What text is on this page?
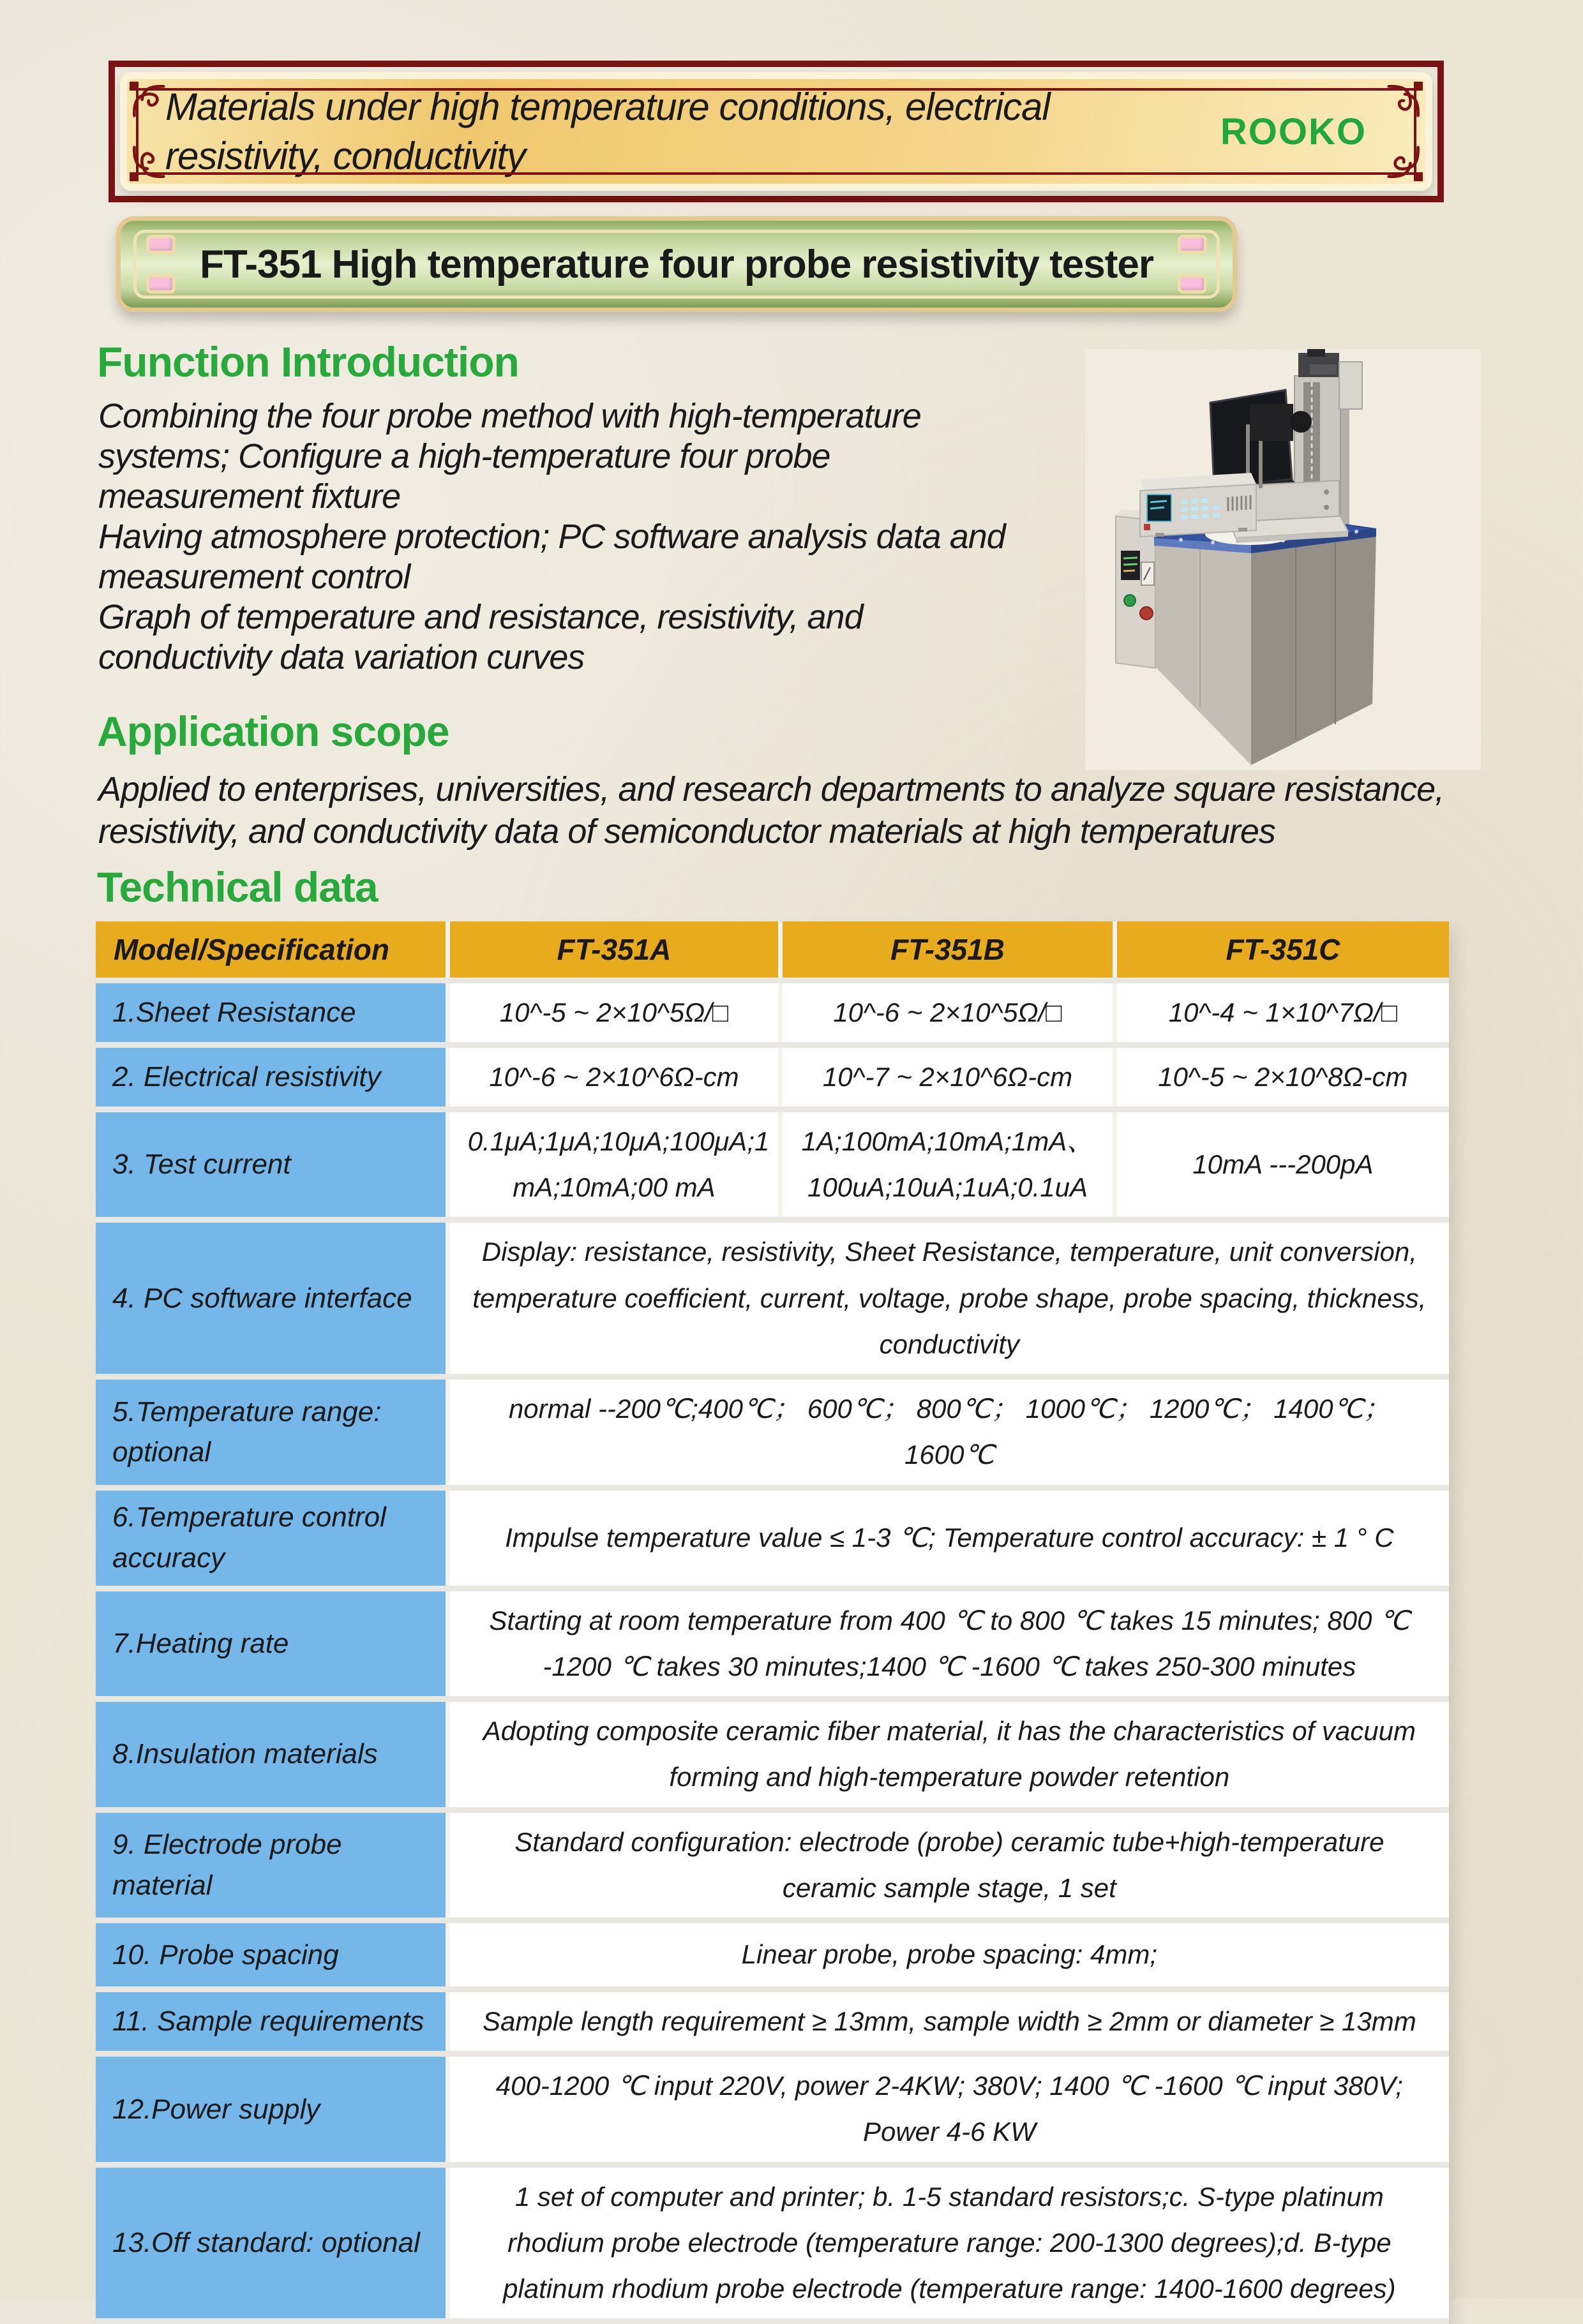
Materials under high temperature conditions, electrical
resistivity, conductivity
ROOKO
FT-351 High temperature four probe resistivity tester
Function Introduction
Combining the four probe method with high-temperature
systems; Configure a high-temperature four probe
measurement fixture
Having atmosphere protection; PC software analysis data and
measurement control
Graph of temperature and resistance, resistivity, and
conductivity data variation curves
Application scope
Applied to enterprises, universities, and research departments to analyze square resistance,
resistivity, and conductivity data of semiconductor materials at high temperatures
Technical data
Model/Specification	FT-351A	FT-351B	FT-351C
1.Sheet Resistance	10^-5 ~ 2×10^5Ω/□	10^-6 ~ 2×10^5Ω/□	10^-4 ~ 1×10^7Ω/□
2. Electrical resistivity	10^-6 ~ 2×10^6Ω-cm	10^-7 ~ 2×10^6Ω-cm	10^-5 ~ 2×10^8Ω-cm
3. Test current	0.1μA;1μA;10μA;100μA;1 mA;10mA;00 mA	1A;100mA;10mA;1mA、 100uA;10uA;1uA;0.1uA	10mA ---200pA
4. PC software interface	Display: resistance, resistivity, Sheet Resistance, temperature, unit conversion, temperature coefficient, current, voltage, probe shape, probe spacing, thickness, conductivity		
5.Temperature range: optional	normal --200℃;400℃； 600℃； 800℃； 1000℃； 1200℃； 1400℃； 1600℃		
6.Temperature control accuracy	Impulse temperature value ≤ 1-3 ℃; Temperature control accuracy: ± 1 ° C		
7.Heating rate	Starting at room temperature from 400 ℃ to 800 ℃ takes 15 minutes; 800 ℃ -1200 ℃ takes 30 minutes;1400 ℃ -1600 ℃ takes 250-300 minutes		
8.Insulation materials	Adopting composite ceramic fiber material, it has the characteristics of vacuum forming and high-temperature powder retention		
9. Electrode probe material	Standard configuration: electrode (probe) ceramic tube+high-temperature ceramic sample stage, 1 set		
10. Probe spacing	Linear probe, probe spacing: 4mm;		
11. Sample requirements	Sample length requirement ≥ 13mm, sample width ≥ 2mm or diameter ≥ 13mm		
12.Power supply	400-1200 ℃ input 220V, power 2-4KW; 380V; 1400 ℃ -1600 ℃ input 380V; Power 4-6 KW		
13.Off standard: optional	1 set of computer and printer; b. 1-5 standard resistors;c. S-type platinum rhodium probe electrode (temperature range: 200-1300 degrees);d. B-type platinum rhodium probe electrode (temperature range: 1400-1600 degrees)		
